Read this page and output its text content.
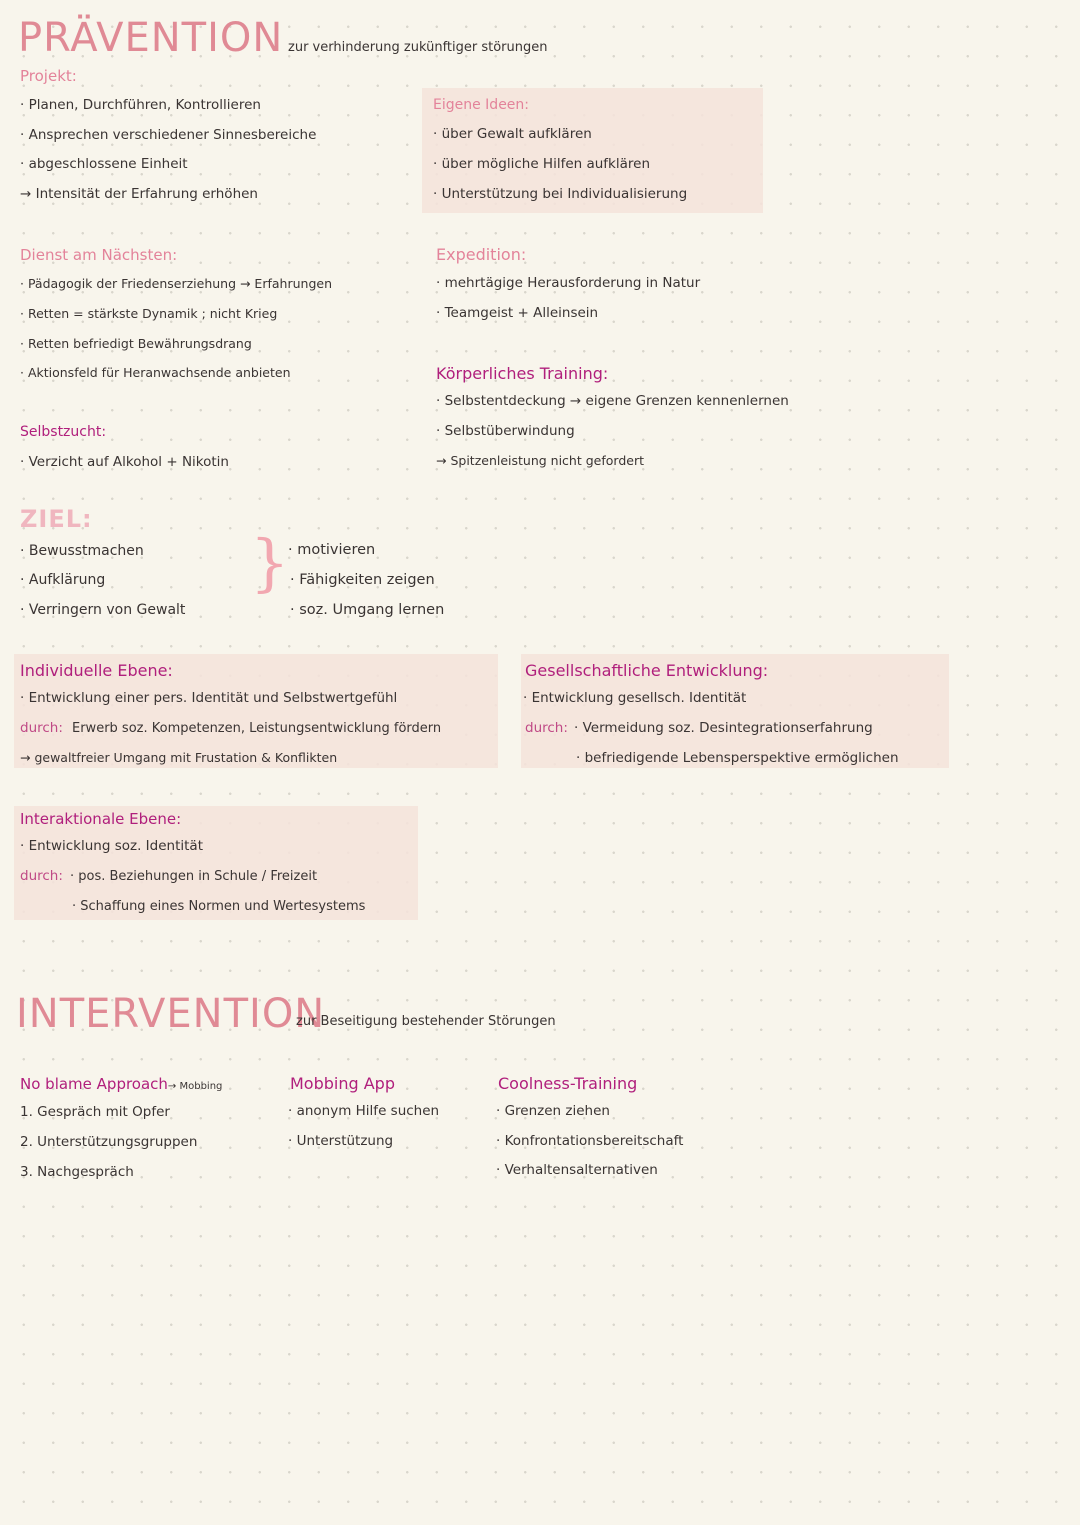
PRÄVENTION zur verhinderung zukünftiger störungen
Projekt:
· Planen, Durchführen, Kontrollieren
· Ansprechen verschiedener Sinnesbereiche
· abgeschlossene Einheit
→ Intensität der Erfahrung erhöhen
Eigene Ideen:
· über Gewalt aufklären
· über mögliche Hilfen aufklären
· Unterstützung bei Individualisierung
Dienst am Nächsten:
· Pädagogik der Friedenserziehung → Erfahrungen
· Retten = stärkste Dynamik ; nicht Krieg
· Retten befriedigt Bewährungsdrang
· Aktionsfeld für Heranwachsende anbieten
Expedition:
· mehrtägige Herausforderung in Natur
· Teamgeist + Alleinsein
Körperliches Training:
· Selbstentdeckung → eigene Grenzen kennenlernen
· Selbstüberwindung
→ Spitzenleistung nicht gefordert
Selbstzucht:
· Verzicht auf Alkohol + Nikotin
ZIEL:
· Bewusstmachen
· Aufklärung
· Verringern von Gewalt
}
· motivieren
· Fähigkeiten zeigen
· soz. Umgang lernen
Individuelle Ebene:
· Entwicklung einer pers. Identität und Selbstwertgefühl
durch: Erwerb soz. Kompetenzen, Leistungsentwicklung fördern
→ gewaltfreier Umgang mit Frustation & Konflikten
Gesellschaftliche Entwicklung:
· Entwicklung gesellsch. Identität
durch: · Vermeidung soz. Desintegrationserfahrung
· befriedigende Lebensperspektive ermöglichen
Interaktionale Ebene:
· Entwicklung soz. Identität
durch: · pos. Beziehungen in Schule / Freizeit
· Schaffung eines Normen und Wertesystems
INTERVENTION
zur Beseitigung bestehender Störungen
No blame Approach→ Mobbing
1. Gespräch mit Opfer
2. Unterstützungsgruppen
3. Nachgespräch
Mobbing App
· anonym Hilfe suchen
· Unterstützung
Coolness-Training
· Grenzen ziehen
· Konfrontationsbereitschaft
· Verhaltensalternativen
